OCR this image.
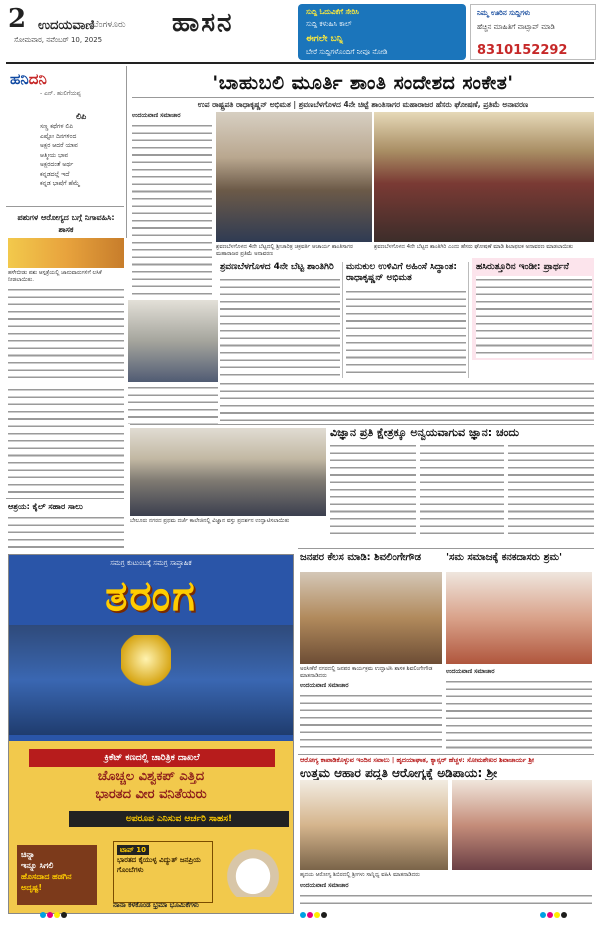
2 ಉದಯವಾಣಿ
ಬೆಂಗಳೂರು
ಸೋಮವಾರ, ನವೆಂಬರ್ 10, 2025
ಹಾಸನ	ಸುದ್ದಿ ಓದುವಿಕೆಗೆ ಸೇರಿಸಿ
ಸುದ್ದಿ ಕಳುಹಿಸಿ ಕಾಲ್
ಈಗಲೇ ಬನ್ನಿ
ಬೇರೆ ಸುದ್ದಿಗಳೊಂದಿಗೆ ನೀವೂ ನೋಡಿ
ನಿಮ್ಮ ಊರಿನ ಸುದ್ದಿಗಳು
ಹೆಚ್ಚಿನ ಮಾಹಿತಿಗೆ ವಾಟ್ಸಾಪ್ ಮಾಡಿ
8310152292
ಹನಿದನಿ
- ಎನ್. ಹುಲಿಗೆಯಪ್ಪ
ಲಿಪಿ
ಸಣ್ಣ ಕಥೆಗಳ ಲಿಪಿ
ಎಷ್ಟೋ ದಿನಗಳಿಂದ
ಅಕ್ಷರ ಆದರೆ ಯಾವ
ಆತ್ಮೀಯ ಭಾವ
ಅಕ್ಷರದಂತೆ ಅರ್ಥ
ಕನ್ನಡದಲ್ಲೆ ಇದೆ
ಕನ್ನಡ ಭಾಷೆಗೆ ಹೆಮ್ಮೆ
ಪಶುಗಳ ಆರೋಗ್ಯದ ಬಗ್ಗೆ ನಿಗಾವಹಿಸಿ: ಶಾಸಕ
ಹಳೇಬೀಡು ಪಶು ಆಸ್ಪತ್ರೆಯಲ್ಲಿ ಜಾನುವಾರುಗಳಿಗೆ ಲಸಿಕೆ ನೀಡಲಾಯಿತು.
ಆಶ್ರಯ: ಕೈಲ್ ಸಹಾರ ಸಾಲು
'ಬಾಹುಬಲಿ ಮೂರ್ತಿ ಶಾಂತಿ ಸಂದೇಶದ ಸಂಕೇತ'
ಉಪ ರಾಷ್ಟ್ರಪತಿ ರಾಧಾಕೃಷ್ಣನ್ ಅಭಿಮತ | ಶ್ರವಣಬೆಳಗೊಳದ 4ನೇ ಚಿಟ್ಟೆ ಶಾಂತಿಸಾಗರ ಮಹಾರಾಜರ ಹೆಸರು ಘೋಷಣೆ, ಪ್ರತಿಮೆ ಅನಾವರಣ
ಉದಯವಾಣಿ ಸಮಾಚಾರ
ಶ್ರವಣಬೆಳಗೊಳದ 4ನೇ ಬೆಟ್ಟದಲ್ಲಿ ಶ್ರೀಚಾರಿತ್ರ ಚಕ್ರವರ್ತಿ ಆಚಾರ್ಯ ಶಾಂತಿಸಾಗರ ಮಹಾರಾಜರ ಪ್ರತಿಮೆ ಅನಾವರಣ
ಶ್ರವಣಬೆಳಗೊಳದ 4ನೇ ಬೆಟ್ಟದ ಶಾಂತಿಗಿರಿ ಎಂದು ಹೆಸರು ಘೋಷಣೆ ಮಾಡಿ ಶಿಲಾಫಲಕ ಅನಾವರಣ ಮಾಡಲಾಯಿತು
ಶ್ರವಣಬೆಳಗೊಳದ 4ನೇ ಬೆಟ್ಟ ಶಾಂತಿಗಿರಿ	ಮನುಕುಲ ಉಳಿವಿಗೆ ಅಹಿಂಸೆ ಸಿದ್ಧಾಂತ: ರಾಧಾಕೃಷ್ಣನ್ ಅಭಿಮತ
ಹಸಿರುತ್ತೂರಿನ ಇಂಡೀ: ಪ್ರಾರ್ಥನೆ
ಬೇಲೂರು ನಗರದ ಪ್ರಥಮ ದರ್ಜೆ ಕಾಲೇಜಿನಲ್ಲಿ ವಿಜ್ಞಾನ ವಸ್ತು ಪ್ರದರ್ಶನ ಉದ್ಘಾಟಿಸಲಾಯಿತು
ವಿಜ್ಞಾನ ಪ್ರತಿ ಕ್ಷೇತ್ರಕ್ಕೂ ಅನ್ವಯವಾಗುವ ಜ್ಞಾನ: ಚಂದು
ಸಮಗ್ರ ಕುಟುಂಬಕ್ಕೆ ಸಮಗ್ರ ಸಾಪ್ತಾಹಿಕ
ತರಂಗ
ಕ್ರಿಕೆಟ್ ಕಣದಲ್ಲಿ ಚಾರಿತ್ರಿಕ ದಾಖಲೆ
ಚೊಚ್ಚಲ ವಿಶ್ವಕಪ್ ಎತ್ತಿದ
ಭಾರತದ ವೀರ ವನಿತೆಯರು
ಅಪರೂಪ ಎನಿಸುವ ಆರ್ಚರಿ ಸಾಹಸ!
ಚಿನ್ನಾ
ಇನ್ನೂ ಸಿಗಲಿ
ಹೊಸದಾದ ಹಡಗಿನ ಅದೃಷ್ಟ!
ಟಾಪ್ 10
ಭಾರತದ ಕೈಯುಳ್ಳ ವಿದ್ಯುತ್ ಜನಪ್ರಿಯ ಗೊಂಬೆಗಳು
ನಾನಾ ಕಳಕೊಂಡ ಭ್ರಮಾ ಭೂಮಿಕೆಗಳು
ಜನಪರ ಕೆಲಸ ಮಾಡಿ: ಶಿವಲಿಂಗೇಗೌಡ	'ಸಮ ಸಮಾಜಕ್ಕೆ ಕನಕದಾಸರು ಶ್ರಮ'
ಅರಸೀಕೆರೆ ನಗರದಲ್ಲಿ ಜನಪರ ಕಾರ್ಯಕ್ರಮ ಉದ್ಘಾಟಿಸಿ ಶಾಸಕ ಶಿವಲಿಂಗೇಗೌಡ ಮಾತನಾಡಿದರು
ಉದಯವಾಣಿ ಸಮಾಚಾರ
ಉದಯವಾಣಿ ಸಮಾಚಾರ
ಆರೋಗ್ಯ ಕಾಪಾಡಿಕೊಳ್ಳುವ ಇಂದಿನ ಸವಾಲು | ಹೃದಯಾಘಾತ, ಕ್ಯಾನ್ಸರ್ ಹೆಚ್ಚಳ: ಸೋಮಶೇಖರ ಶಿವಾಚಾರ್ಯ ಶ್ರೀ
ಉತ್ತಮ ಆಹಾರ ಪದ್ಧತಿ ಆರೋಗ್ಯಕ್ಕೆ ಅಡಿಪಾಯ: ಶ್ರೀ
ಹೃದಯ ಆರೋಗ್ಯ ಶಿಬಿರದಲ್ಲಿ ಶ್ರೀಗಳು ಸಾನ್ನಿಧ್ಯ ವಹಿಸಿ ಮಾತನಾಡಿದರು
ಉದಯವಾಣಿ ಸಮಾಚಾರ
